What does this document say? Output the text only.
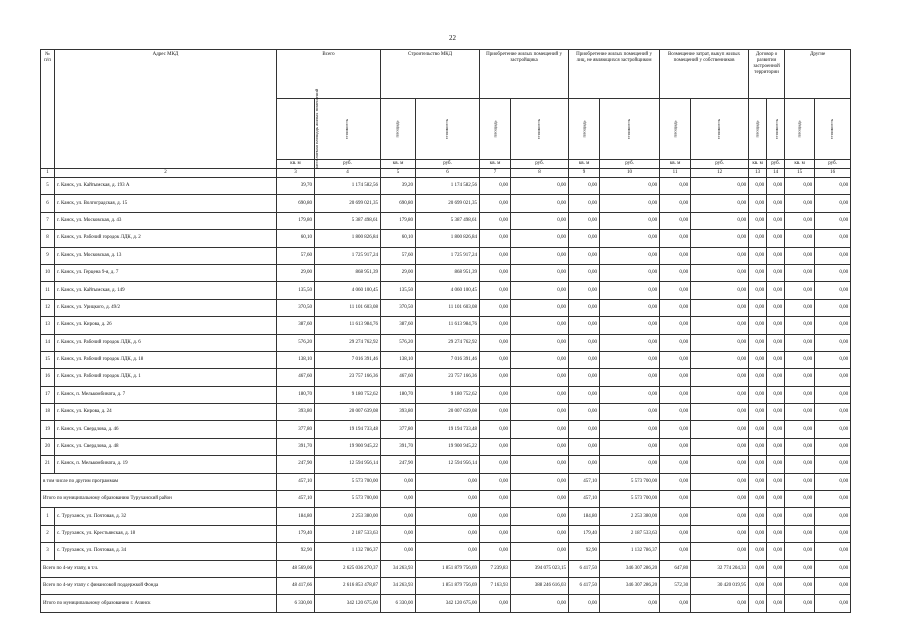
22
№ п/п	Адрес МКД	Всего		Строительство МКД		Приобретение жилых помещений у застройщика		Приобретение жилых помещений у лиц, не являющихся застройщиком		Возмещение затрат, выкуп жилых помещений у собственников		Договор о развитии застроенной территории		Другие	
		расселяемая площадь жилых помещений	стоимость	площадь	стоимость	площадь	стоимость	площадь	стоимость	площадь	стоимость	площадь	стоимость	площадь	стоимость
		кв. м	руб.	кв. м	руб.	кв. м	руб.	кв. м	руб.	кв. м	руб.	кв. м	руб.	кв. м	руб.
1	2	3	4	5	6	7	8	9	10	11	12	13	14	15	16
5	г. Канск, ул. Кайтымская, д. 193 А	39,70	1 174 582,56	39,20	1 174 582,56	0,00	0,00	0,00	0,00	0,00	0,00	0,00	0,00	0,00	0,00
6	г. Канск, ул. Волгоградская, д. 15	690,80	20 699 021,35	690,80	20 699 021,35	0,00	0,00	0,00	0,00	0,00	0,00	0,00	0,00	0,00	0,00
7	г. Канск, ул. Московская, д. 43	179,80	5 387 498,61	179,80	5 387 498,61	0,00	0,00	0,00	0,00	0,00	0,00	0,00	0,00	0,00	0,00
8	г. Канск, ул. Рабочий городок ЛДК, д. 2	60,10	1 800 826,84	60,10	1 800 826,84	0,00	0,00	0,00	0,00	0,00	0,00	0,00	0,00	0,00	0,00
9	г. Канск, ул. Московская, д. 13	57,60	1 725 917,24	57,60	1 725 917,24	0,00	0,00	0,00	0,00	0,00	0,00	0,00	0,00	0,00	0,00
10	г. Канск, ул. Герцена 9-я, д. 7	29,00	868 951,39	29,00	868 951,39	0,00	0,00	0,00	0,00	0,00	0,00	0,00	0,00	0,00	0,00
11	г. Канск, ул. Кайтымская, д. 149	135,50	4 060 100,45	135,50	4 060 100,45	0,00	0,00	0,00	0,00	0,00	0,00	0,00	0,00	0,00	0,00
12	г. Канск, ул. Урицкого, д. 49/2	370,50	11 101 603,08	370,50	11 101 603,08	0,00	0,00	0,00	0,00	0,00	0,00	0,00	0,00	0,00	0,00
13	г. Канск, ул. Кирова, д. 26	387,60	11 613 984,76	387,60	11 613 984,76	0,00	0,00	0,00	0,00	0,00	0,00	0,00	0,00	0,00	0,00
14	г. Канск, ул. Рабочий городок ЛДК, д. 6	576,20	29 274 762,92	576,20	29 274 762,92	0,00	0,00	0,00	0,00	0,00	0,00	0,00	0,00	0,00	0,00
15	г. Канск, ул. Рабочий городок ЛДК, д. 18	138,10	7 016 391,46	138,10	7 016 391,46	0,00	0,00	0,00	0,00	0,00	0,00	0,00	0,00	0,00	0,00
16	г. Канск, ул. Рабочий городок ЛДК, д. 1	467,60	23 757 166,36	467,60	23 757 166,36	0,00	0,00	0,00	0,00	0,00	0,00	0,00	0,00	0,00	0,00
17	г. Канск, п. Мелькомбината, д. 7	180,70	9 180 752,62	180,70	9 180 752,62	0,00	0,00	0,00	0,00	0,00	0,00	0,00	0,00	0,00	0,00
18	г. Канск, ул. Кирова, д. 24	393,80	20 007 639,08	393,80	20 007 639,08	0,00	0,00	0,00	0,00	0,00	0,00	0,00	0,00	0,00	0,00
19	г. Канск, ул. Свердлова, д. 46	377,80	19 194 733,48	377,80	19 194 733,48	0,00	0,00	0,00	0,00	0,00	0,00	0,00	0,00	0,00	0,00
20	г. Канск, ул. Свердлова, д. 48	391,70	19 900 945,22	391,70	19 900 945,22	0,00	0,00	0,00	0,00	0,00	0,00	0,00	0,00	0,00	0,00
21	г. Канск, п. Мелькомбината, д. 19	247,90	12 594 956,14	247,90	12 594 956,14	0,00	0,00	0,00	0,00	0,00	0,00	0,00	0,00	0,00	0,00
в том числе по другим программам		457,10	5 573 700,00	0,00	0,00	0,00	0,00	457,10	5 573 700,00	0,00	0,00	0,00	0,00	0,00	0,00
Итого по муниципальному образованию Туруханский район		457,10	5 573 700,00	0,00	0,00	0,00	0,00	457,10	5 573 700,00	0,00	0,00	0,00	0,00	0,00	0,00
1	с. Туруханск, ул. Почтовая, д. 32	184,80	2 253 380,00	0,00	0,00	0,00	0,00	184,80	2 253 380,00	0,00	0,00	0,00	0,00	0,00	0,00
2	с. Туруханск, ул. Крестьянская, д. 18	179,40	2 187 533,63	0,00	0,00	0,00	0,00	179,40	2 187 533,63	0,00	0,00	0,00	0,00	0,00	0,00
3	с. Туруханск, ул. Почтовая, д. 34	92,90	1 132 786,37	0,00	0,00	0,00	0,00	92,90	1 132 786,37	0,00	0,00	0,00	0,00	0,00	0,00
Всего по 4-му этапу, в т.ч.		48 569,06	2 625 036 270,37	34 263,93	1 851 879 756,69	7 239,83	394 075 023,15	6 417,50	346 307 286,20	647,80	32 774 204,33	0,00	0,00	0,00	0,00
Всего по 4-му этапу с финансовой поддержкой Фонда		48 417,66	2 616 853 478,87	34 263,93	1 851 879 756,69	7 163,93	388 246 616,03	6 417,50	346 307 286,20	572,30	30 420 019,95	0,00	0,00	0,00	0,00
Итого по муниципальному образованию г. Ачинск		6 330,00	342 120 675,00	6 330,00	342 120 675,00	0,00	0,00	0,00	0,00	0,00	0,00	0,00	0,00	0,00	0,00
